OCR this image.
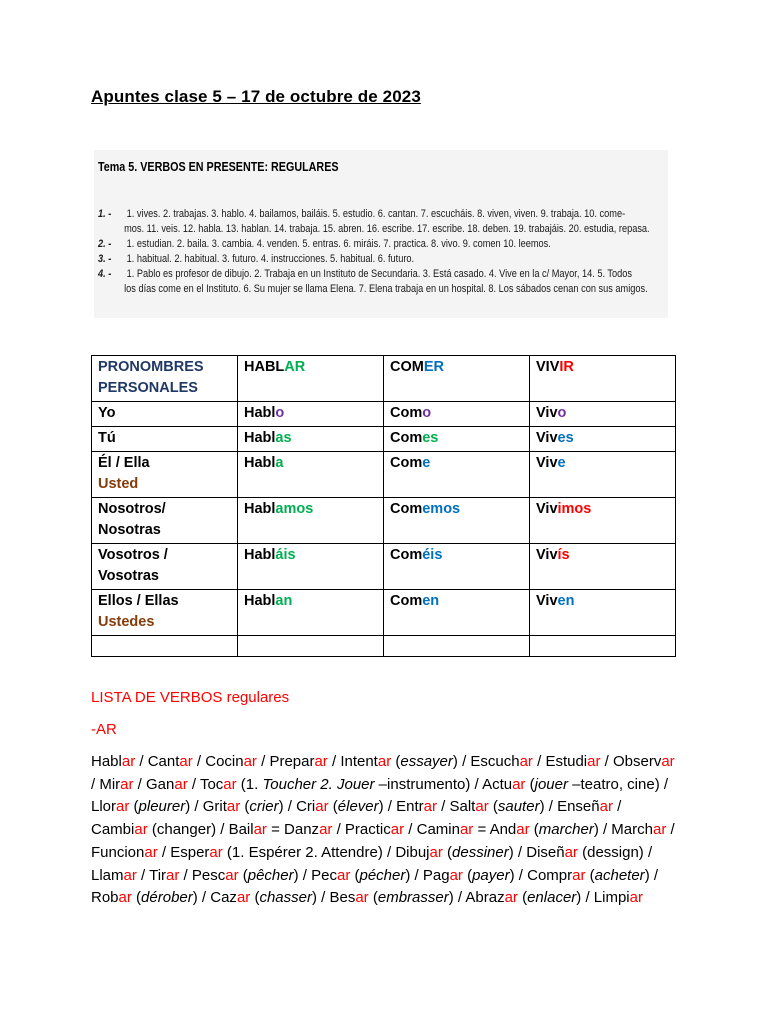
Apuntes clase 5 – 17 de octubre de 2023
Tema 5. VERBOS EN PRESENTE: REGULARES
1. - 1. vives. 2. trabajas. 3. hablo. 4. bailamos, bailáis. 5. estudio. 6. cantan. 7. escucháis. 8. viven, viven. 9. trabaja. 10. come-
mos. 11. veis. 12. habla. 13. hablan. 14. trabaja. 15. abren. 16. escribe. 17. escribe. 18. deben. 19. trabajáis. 20. estudia, repasa.
2. - 1. estudian. 2. baila. 3. cambia. 4. venden. 5. entras. 6. miráis. 7. practica. 8. vivo. 9. comen 10. leemos.
3. - 1. habitual. 2. habitual. 3. futuro. 4. instrucciones. 5. habitual. 6. futuro.
4. - 1. Pablo es profesor de dibujo. 2. Trabaja en un Instituto de Secundaria. 3. Está casado. 4. Vive en la c/ Mayor, 14. 5. Todos
los días come en el Instituto. 6. Su mujer se llama Elena. 7. Elena trabaja en un hospital. 8. Los sábados cenan con sus amigos.
PRONOMBRES PERSONALES	HABLAR	COMER	VIVIR
Yo	Hablo	Como	Vivo
Tú	Hablas	Comes	Vives
Él / Ella
Usted	Habla	Come	Vive
Nosotros/ Nosotras	Hablamos	Comemos	Vivimos
Vosotros / Vosotras	Habláis	Coméis	Vivís
Ellos / Ellas
Ustedes	Hablan	Comen	Viven

LISTA DE VERBOS regulares
-AR
Hablar / Cantar / Cocinar / Preparar / Intentar (essayer) / Escuchar / Estudiar / Observar / Mirar / Ganar / Tocar (1. Toucher 2. Jouer –instrumento) / Actuar (jouer –teatro, cine) / Llorar (pleurer) / Gritar (crier) / Criar (élever) / Entrar / Saltar (sauter) / Enseñar / Cambiar (changer) / Bailar = Danzar / Practicar / Caminar = Andar (marcher) / Marchar / Funcionar / Esperar (1. Espérer 2. Attendre) / Dibujar (dessiner) / Diseñar (dessign) / Llamar / Tirar / Pescar (pêcher) / Pecar (pécher) / Pagar (payer) / Comprar (acheter) / Robar (dérober) / Cazar (chasser) / Besar (embrasser) / Abrazar (enlacer) / Limpiar
